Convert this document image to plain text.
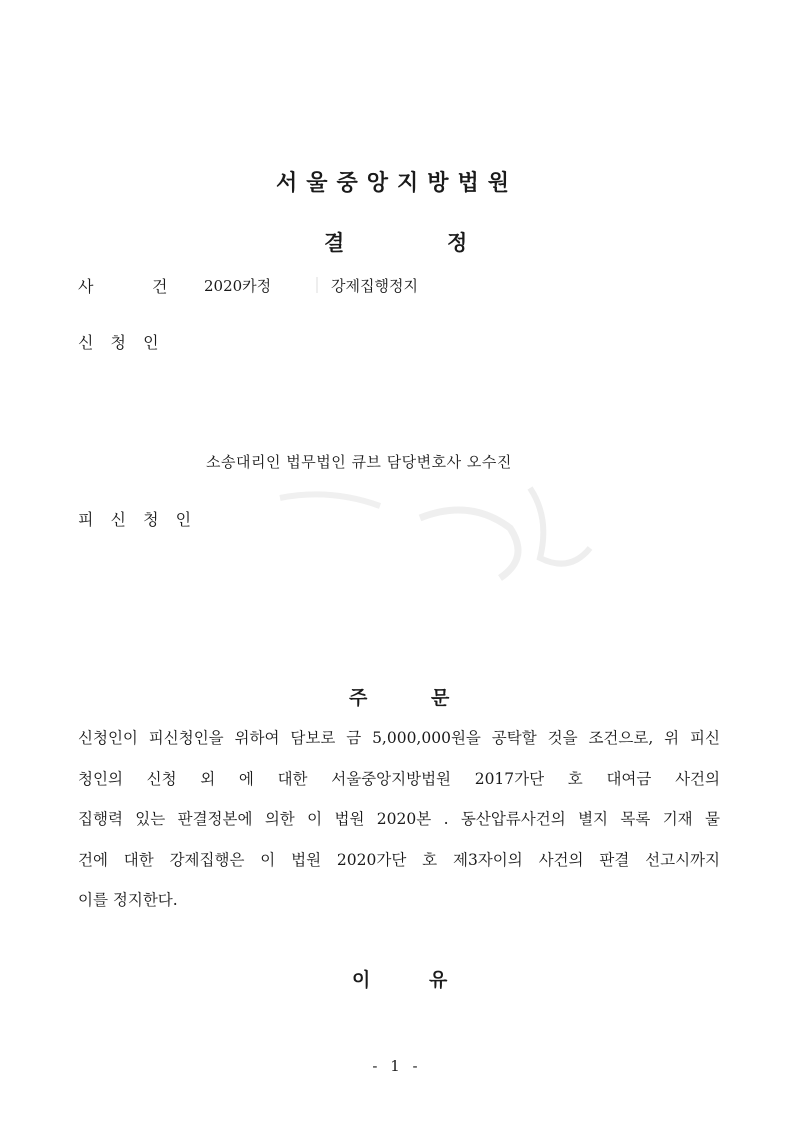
서울중앙지방법원
결	정
사	건 2020카정	강제집행정지
신 청 인
소송대리인 법무법인 큐브 담당변호사 오수진
피 신 청 인
주	문
신청인이 피신청인을 위하여 담보로 금 5,000,000원을 공탁할 것을 조건으로, 위 피신
청인의 신청 외 에 대한 서울중앙지방법원 2017가단 호 대여금 사건의
집행력 있는 판결정본에 의한 이 법원 2020본 . 동산압류사건의 별지 목록 기재 물
건에 대한 강제집행은 이 법원 2020가단 호 제3자이의 사건의 판결 선고시까지
이를 정지한다.
이	유
- 1 -
